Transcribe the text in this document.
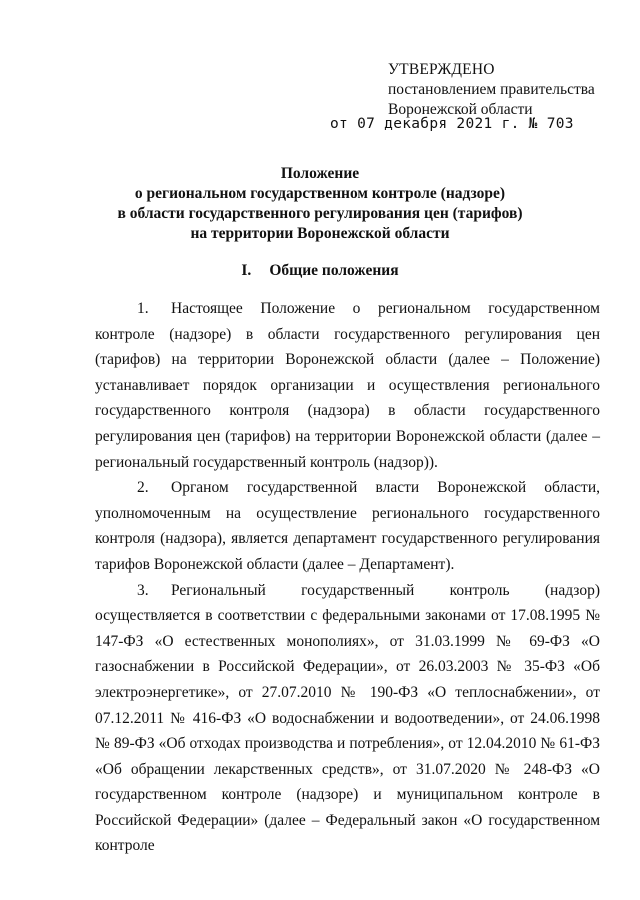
УТВЕРЖДЕНО
постановлением правительства
Воронежской области
от 07 декабря 2021 г. № 703
Положение
о региональном государственном контроле (надзоре)
в области государственного регулирования цен (тарифов)
на территории Воронежской области
I. Общие положения

1. Настоящее Положение о региональном государственном контроле (надзоре) в области государственного регулирования цен (тарифов) на территории Воронежской области (далее – Положение) устанавливает порядок организации и осуществления регионального государственного контроля (надзора) в области государственного регулирования цен (тарифов) на территории Воронежской области (далее – региональный государственный контроль (надзор)).

2. Органом государственной власти Воронежской области, уполномоченным на осуществление регионального государственного контроля (надзора), является департамент государственного регулирования тарифов Воронежской области (далее – Департамент).

3. Региональный государственный контроль (надзор) осуществляется в соответствии с федеральными законами от 17.08.1995 № 147-ФЗ «О естественных монополиях», от 31.03.1999 № 69-ФЗ «О газоснабжении в Российской Федерации», от 26.03.2003 № 35-ФЗ «Об электроэнергетике», от 27.07.2010 № 190-ФЗ «О теплоснабжении», от 07.12.2011 № 416-ФЗ «О водоснабжении и водоотведении», от 24.06.1998 № 89-ФЗ «Об отходах производства и потребления», от 12.04.2010 № 61-ФЗ «Об обращении лекарственных средств», от 31.07.2020 № 248-ФЗ «О государственном контроле (надзоре) и муниципальном контроле в Российской Федерации» (далее – Федеральный закон «О государственном контроле
